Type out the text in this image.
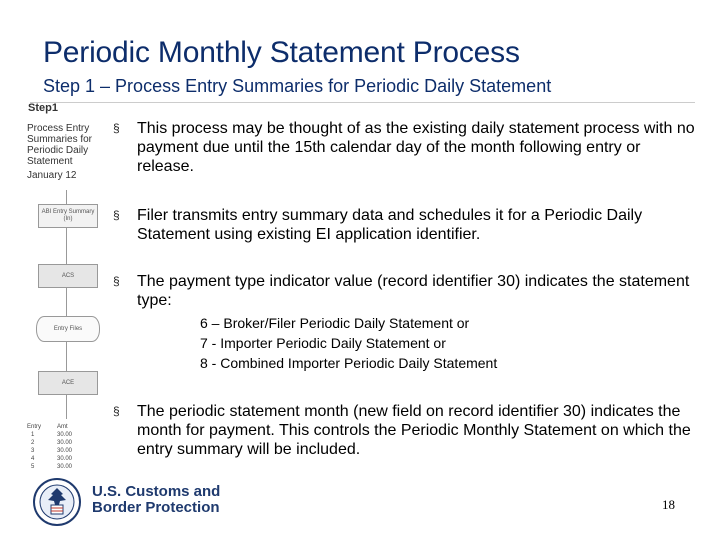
Periodic Monthly Statement Process
Step 1 – Process Entry Summaries for Periodic Daily Statement
Step1
Process Entry Summaries for Periodic Daily Statement
January 12
ABI Entry Summary (In)
ACS
Entry Files
ACE
Entry
1
2
3
4
5
Amt
30.00
30.00
30.00
30.00
30.00
§ This process may be thought of as the existing daily statement process with no payment due until the 15th calendar day of the month following entry or release.
§ Filer transmits entry summary data and schedules it for a Periodic Daily Statement using existing EI application identifier.
§ The payment type indicator value (record identifier 30) indicates the statement type:
6 – Broker/Filer Periodic Daily Statement or
7 - Importer Periodic Daily Statement or
8 - Combined Importer Periodic Daily Statement
§ The periodic statement month (new field on record identifier 30) indicates the month for payment. This controls the Periodic Monthly Statement on which the entry summary will be included.
U.S. Customs and
Border Protection	18
